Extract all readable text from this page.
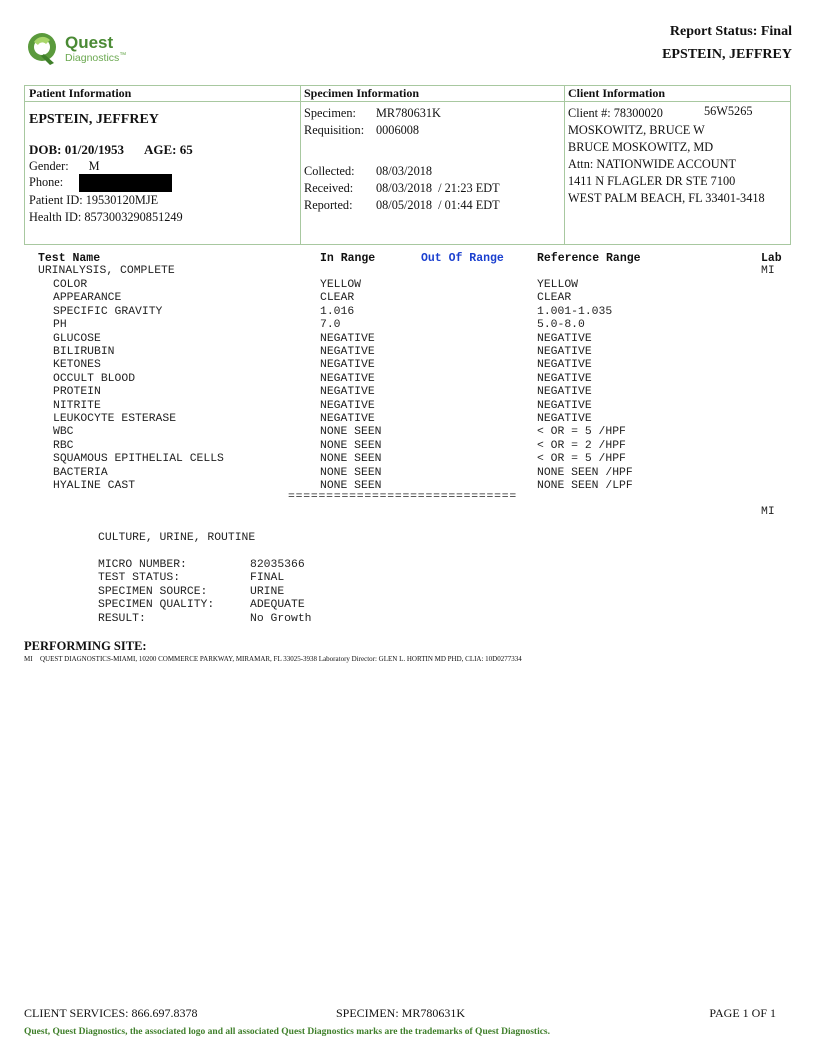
Quest
Diagnostics™
Report Status: Final
EPSTEIN, JEFFREY
Patient Information	Specimen Information	Client Information
EPSTEIN, JEFFREY
DOB: 01/20/1953 AGE: 65
Gender: M
Phone:
Patient ID: 19530120MJE
Health ID: 8573003290851249
Specimen: MR780631K
Requisition: 0006008
Collected: 08/03/2018
Received: 08/03/2018  / 21:23 EDT
Reported: 08/05/2018  / 01:44 EDT
Client #: 78300020	56W5265
MOSKOWITZ, BRUCE W
BRUCE MOSKOWITZ, MD
Attn: NATIONWIDE ACCOUNT
1411 N FLAGLER DR STE 7100
WEST PALM BEACH, FL 33401-3418
Test Name	In Range	Out Of Range	Reference Range	Lab
URINALYSIS, COMPLETE	MI
COLOR	YELLOW	YELLOW
APPEARANCE	CLEAR	CLEAR
SPECIFIC GRAVITY	1.016	1.001-1.035
PH	7.0	5.0-8.0
GLUCOSE	NEGATIVE	NEGATIVE
BILIRUBIN	NEGATIVE	NEGATIVE
KETONES	NEGATIVE	NEGATIVE
OCCULT BLOOD	NEGATIVE	NEGATIVE
PROTEIN	NEGATIVE	NEGATIVE
NITRITE	NEGATIVE	NEGATIVE
LEUKOCYTE ESTERASE	NEGATIVE	NEGATIVE
WBC	NONE SEEN	< OR = 5 /HPF
RBC	NONE SEEN	< OR = 2 /HPF
SQUAMOUS EPITHELIAL CELLS	NONE SEEN	< OR = 5 /HPF
BACTERIA	NONE SEEN	NONE SEEN /HPF
HYALINE CAST	NONE SEEN	NONE SEEN /LPF
==============================
MI
CULTURE, URINE, ROUTINE
MICRO NUMBER:	82035366
TEST STATUS:	FINAL
SPECIMEN SOURCE:	URINE
SPECIMEN QUALITY:	ADEQUATE
RESULT:	No Growth
PERFORMING SITE:
MI QUEST DIAGNOSTICS-MIAMI, 10200 COMMERCE PARKWAY, MIRAMAR, FL 33025-3938 Laboratory Director: GLEN L. HORTIN MD PHD, CLIA: 10D0277334
CLIENT SERVICES: 866.697.8378	SPECIMEN: MR780631K	PAGE 1 OF 1
Quest, Quest Diagnostics, the associated logo and all associated Quest Diagnostics marks are the trademarks of Quest Diagnostics.
